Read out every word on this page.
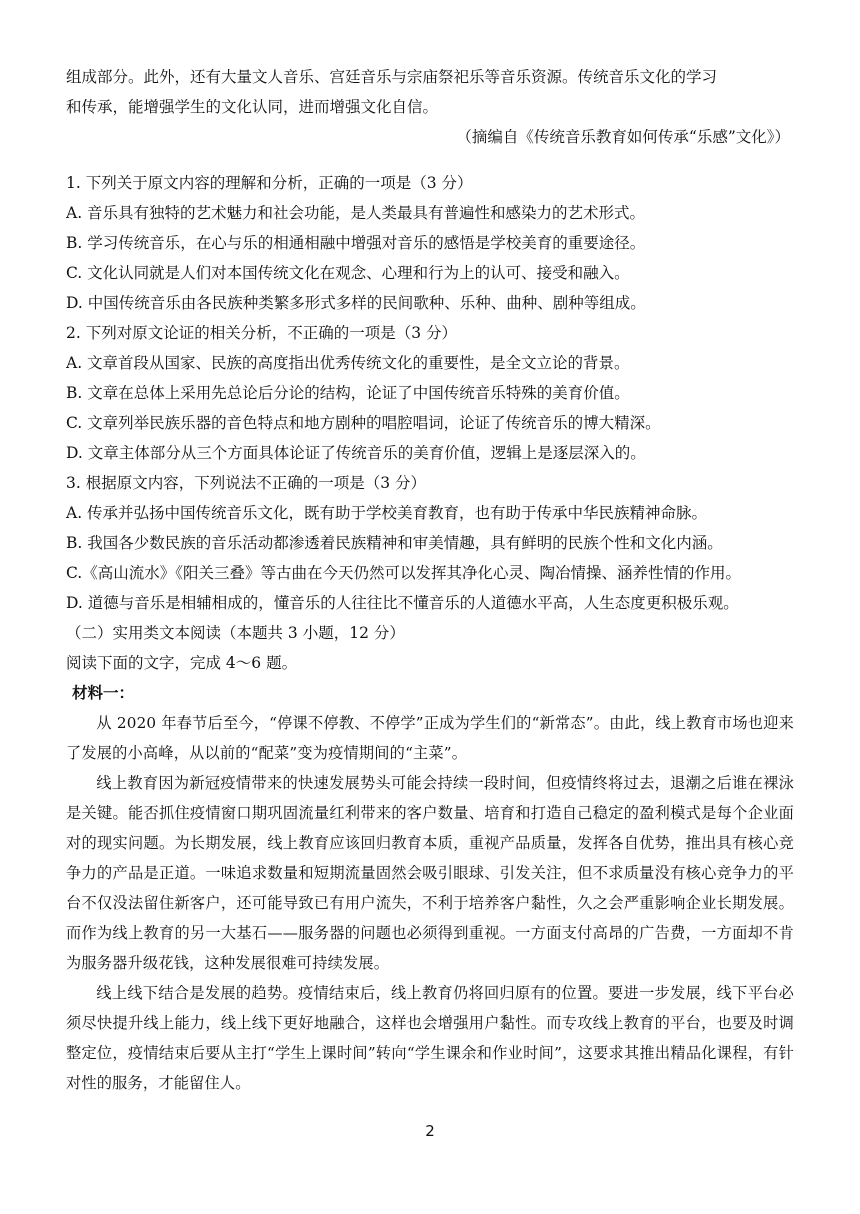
组成部分。此外，还有大量文人音乐、宫廷音乐与宗庙祭祀乐等音乐资源。传统音乐文化的学习
和传承，能增强学生的文化认同，进而增强文化自信。
（摘编自《传统音乐教育如何传承“乐感”文化》）
1. 下列关于原文内容的理解和分析，正确的一项是（3 分）
A. 音乐具有独特的艺术魅力和社会功能，是人类最具有普遍性和感染力的艺术形式。
B. 学习传统音乐，在心与乐的相通相融中增强对音乐的感悟是学校美育的重要途径。
C. 文化认同就是人们对本国传统文化在观念、心理和行为上的认可、接受和融入。
D. 中国传统音乐由各民族种类繁多形式多样的民间歌种、乐种、曲种、剧种等组成。
2. 下列对原文论证的相关分析，不正确的一项是（3 分）
A. 文章首段从国家、民族的高度指出优秀传统文化的重要性，是全文立论的背景。
B. 文章在总体上采用先总论后分论的结构，论证了中国传统音乐特殊的美育价值。
C. 文章列举民族乐器的音色特点和地方剧种的唱腔唱词，论证了传统音乐的博大精深。
D. 文章主体部分从三个方面具体论证了传统音乐的美育价值，逻辑上是逐层深入的。
3. 根据原文内容，下列说法不正确的一项是（3 分）
A. 传承并弘扬中国传统音乐文化，既有助于学校美育教育，也有助于传承中华民族精神命脉。
B. 我国各少数民族的音乐活动都渗透着民族精神和审美情趣，具有鲜明的民族个性和文化内涵。
C.《高山流水》《阳关三叠》等古曲在今天仍然可以发挥其净化心灵、陶冶情操、涵养性情的作用。
D. 道德与音乐是相辅相成的，懂音乐的人往往比不懂音乐的人道德水平高，人生态度更积极乐观。
（二）实用类文本阅读（本题共 3 小题，12 分）
阅读下面的文字，完成 4～6 题。
材料一：
从 2020 年春节后至今，“停课不停教、不停学”正成为学生们的“新常态”。由此，线上教育市场也迎来了发展的小高峰，从以前的“配菜”变为疫情期间的“主菜”。
线上教育因为新冠疫情带来的快速发展势头可能会持续一段时间，但疫情终将过去，退潮之后谁在裸泳是关键。能否抓住疫情窗口期巩固流量红利带来的客户数量、培育和打造自己稳定的盈利模式是每个企业面对的现实问题。为长期发展，线上教育应该回归教育本质，重视产品质量，发挥各自优势，推出具有核心竞争力的产品是正道。一味追求数量和短期流量固然会吸引眼球、引发关注，但不求质量没有核心竞争力的平台不仅没法留住新客户，还可能导致已有用户流失，不利于培养客户黏性，久之会严重影响企业长期发展。而作为线上教育的另一大基石——服务器的问题也必须得到重视。一方面支付高昂的广告费，一方面却不肯为服务器升级花钱，这种发展很难可持续发展。
线上线下结合是发展的趋势。疫情结束后，线上教育仍将回归原有的位置。要进一步发展，线下平台必须尽快提升线上能力，线上线下更好地融合，这样也会增强用户黏性。而专攻线上教育的平台，也要及时调整定位，疫情结束后要从主打“学生上课时间”转向“学生课余和作业时间”，这要求其推出精品化课程，有针对性的服务，才能留住人。
2
